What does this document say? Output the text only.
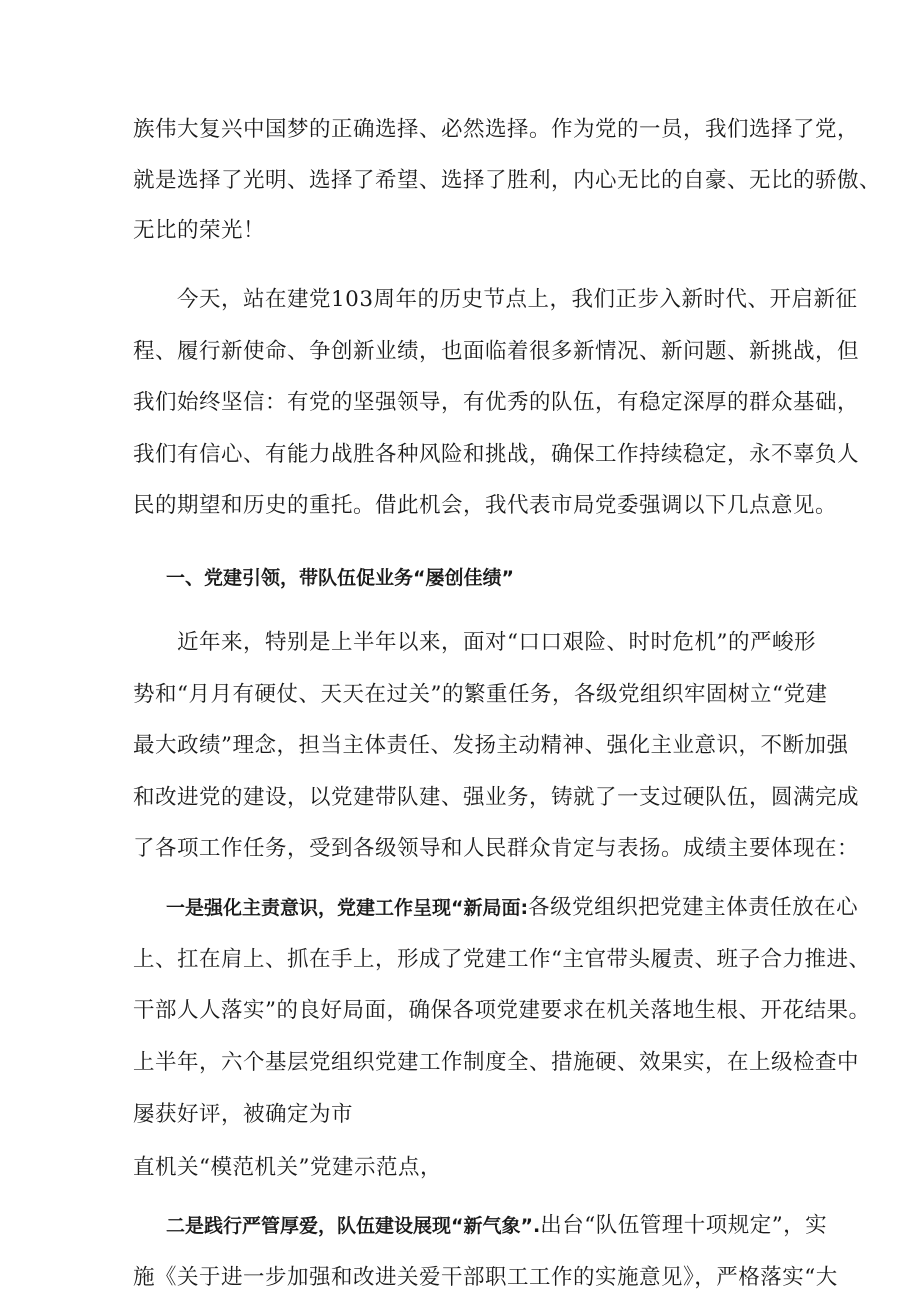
族伟大复兴中国梦的正确选择、必然选择。作为党的一员，我们选择了党，
就是选择了光明、选择了希望、选择了胜利，内心无比的自豪、无比的骄傲、
无比的荣光！
今天，站在建党103周年的历史节点上，我们正步入新时代、开启新征
程、履行新使命、争创新业绩，也面临着很多新情况、新问题、新挑战，但
我们始终坚信：有党的坚强领导，有优秀的队伍，有稳定深厚的群众基础，
我们有信心、有能力战胜各种风险和挑战，确保工作持续稳定，永不辜负人
民的期望和历史的重托。借此机会，我代表市局党委强调以下几点意见。
一、党建引领，带队伍促业务“屡创佳绩”
近年来，特别是上半年以来，面对“口口艰险、时时危机”的严峻形
势和“月月有硬仗、天天在过关”的繁重任务，各级党组织牢固树立“党建
最大政绩”理念，担当主体责任、发扬主动精神、强化主业意识，不断加强
和改进党的建设，以党建带队建、强业务，铸就了一支过硬队伍，圆满完成
了各项工作任务，受到各级领导和人民群众肯定与表扬。成绩主要体现在：
一是强化主责意识，党建工作呈现“新局面: 各级党组织把党建主体责任放在心
上、扛在肩上、抓在手上，形成了党建工作“主官带头履责、班子合力推进、
干部人人落实”的良好局面，确保各项党建要求在机关落地生根、开花结果。
上半年，六个基层党组织党建工作制度全、措施硬、效果实，在上级检查中
屡获好评，被确定为市
直机关“模范机关”党建示范点，
二是践行严管厚爱，队伍建设展现“新气象”. 出台“队伍管理十项规定”，实
施《关于进一步加强和改进关爱干部职工工作的实施意见》，严格落实“大
